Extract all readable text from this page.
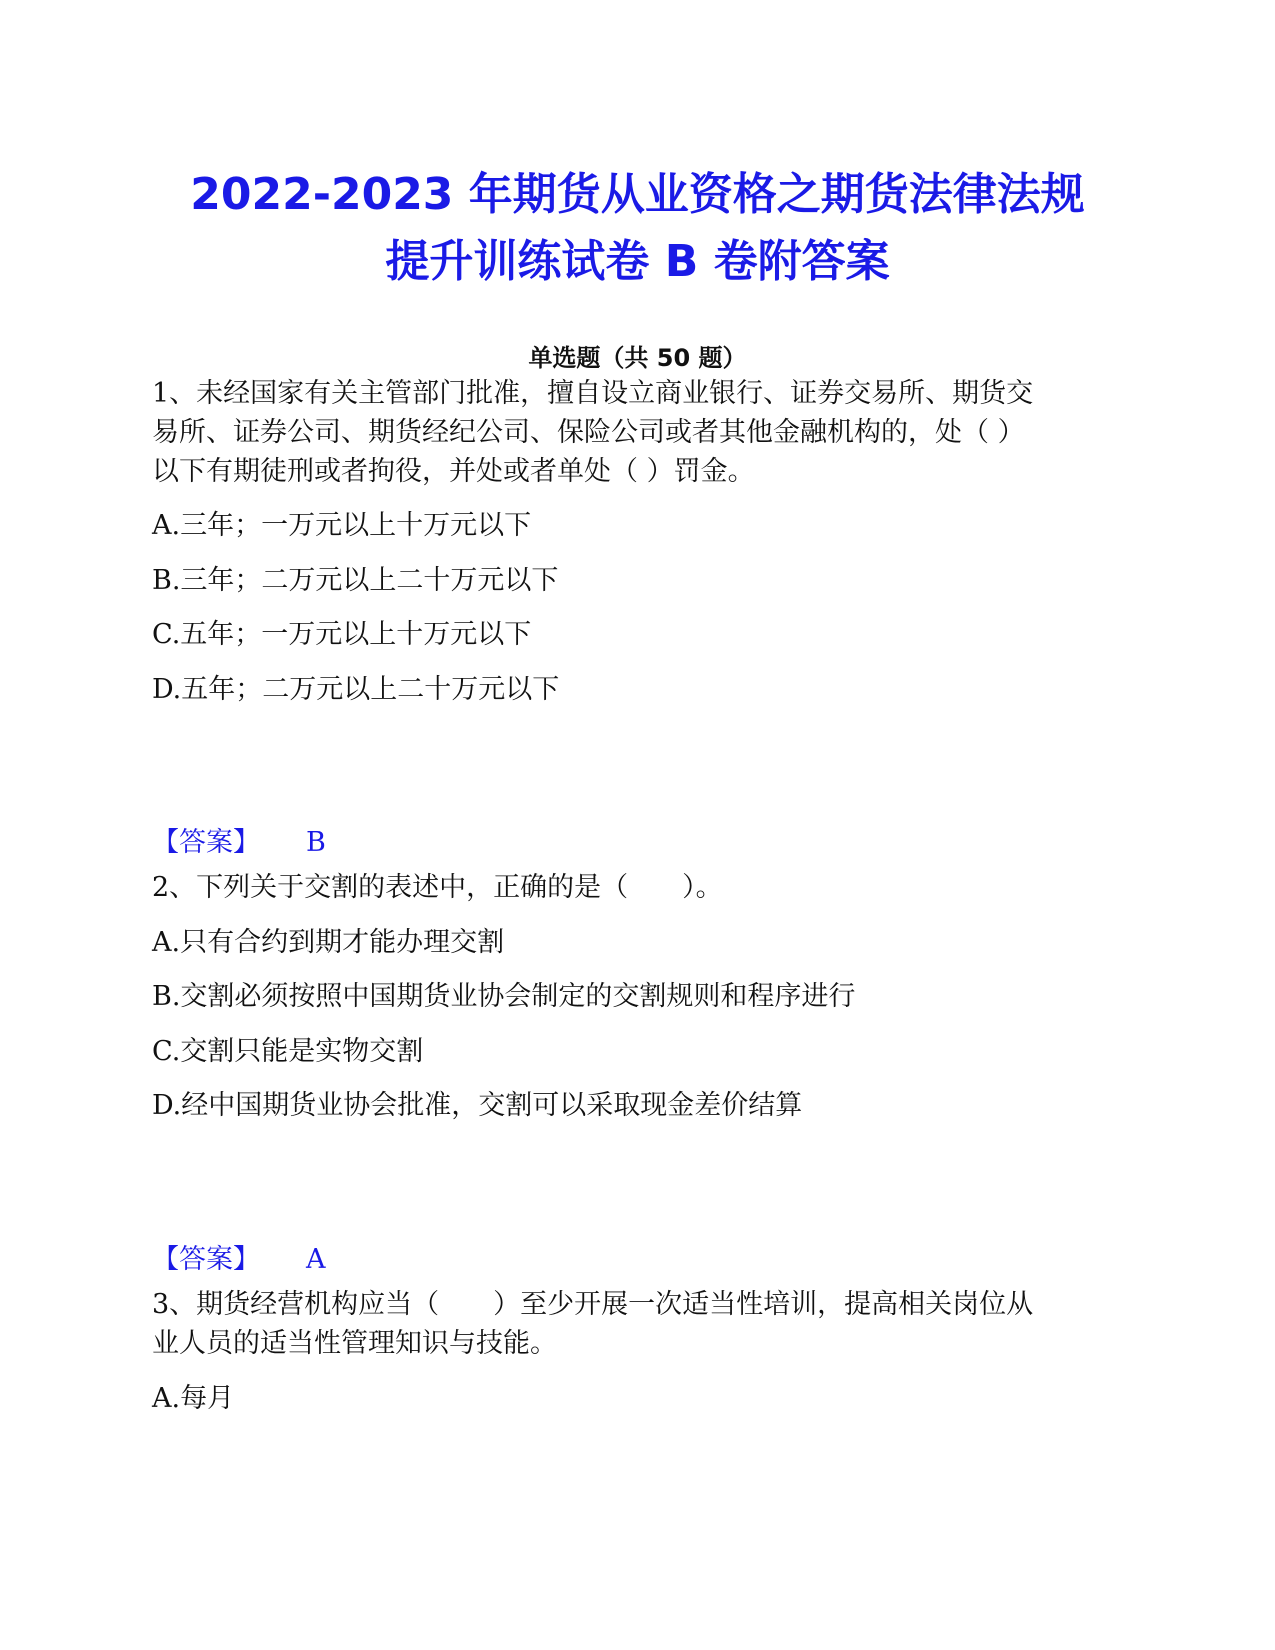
2022-2023 年期货从业资格之期货法律法规
提升训练试卷 B 卷附答案
单选题（共 50 题）
1、未经国家有关主管部门批准，擅自设立商业银行、证券交易所、期货交
易所、证券公司、期货经纪公司、保险公司或者其他金融机构的，处（ ）
以下有期徒刑或者拘役，并处或者单处（ ）罚金。
A.三年；一万元以上十万元以下
B.三年；二万元以上二十万元以下
C.五年；一万元以上十万元以下
D.五年；二万元以上二十万元以下
【答案】 B
2、下列关于交割的表述中，正确的是（　　）。
A.只有合约到期才能办理交割
B.交割必须按照中国期货业协会制定的交割规则和程序进行
C.交割只能是实物交割
D.经中国期货业协会批准，交割可以采取现金差价结算
【答案】 A
3、期货经营机构应当（　　）至少开展一次适当性培训，提高相关岗位从
业人员的适当性管理知识与技能。
A.每月
